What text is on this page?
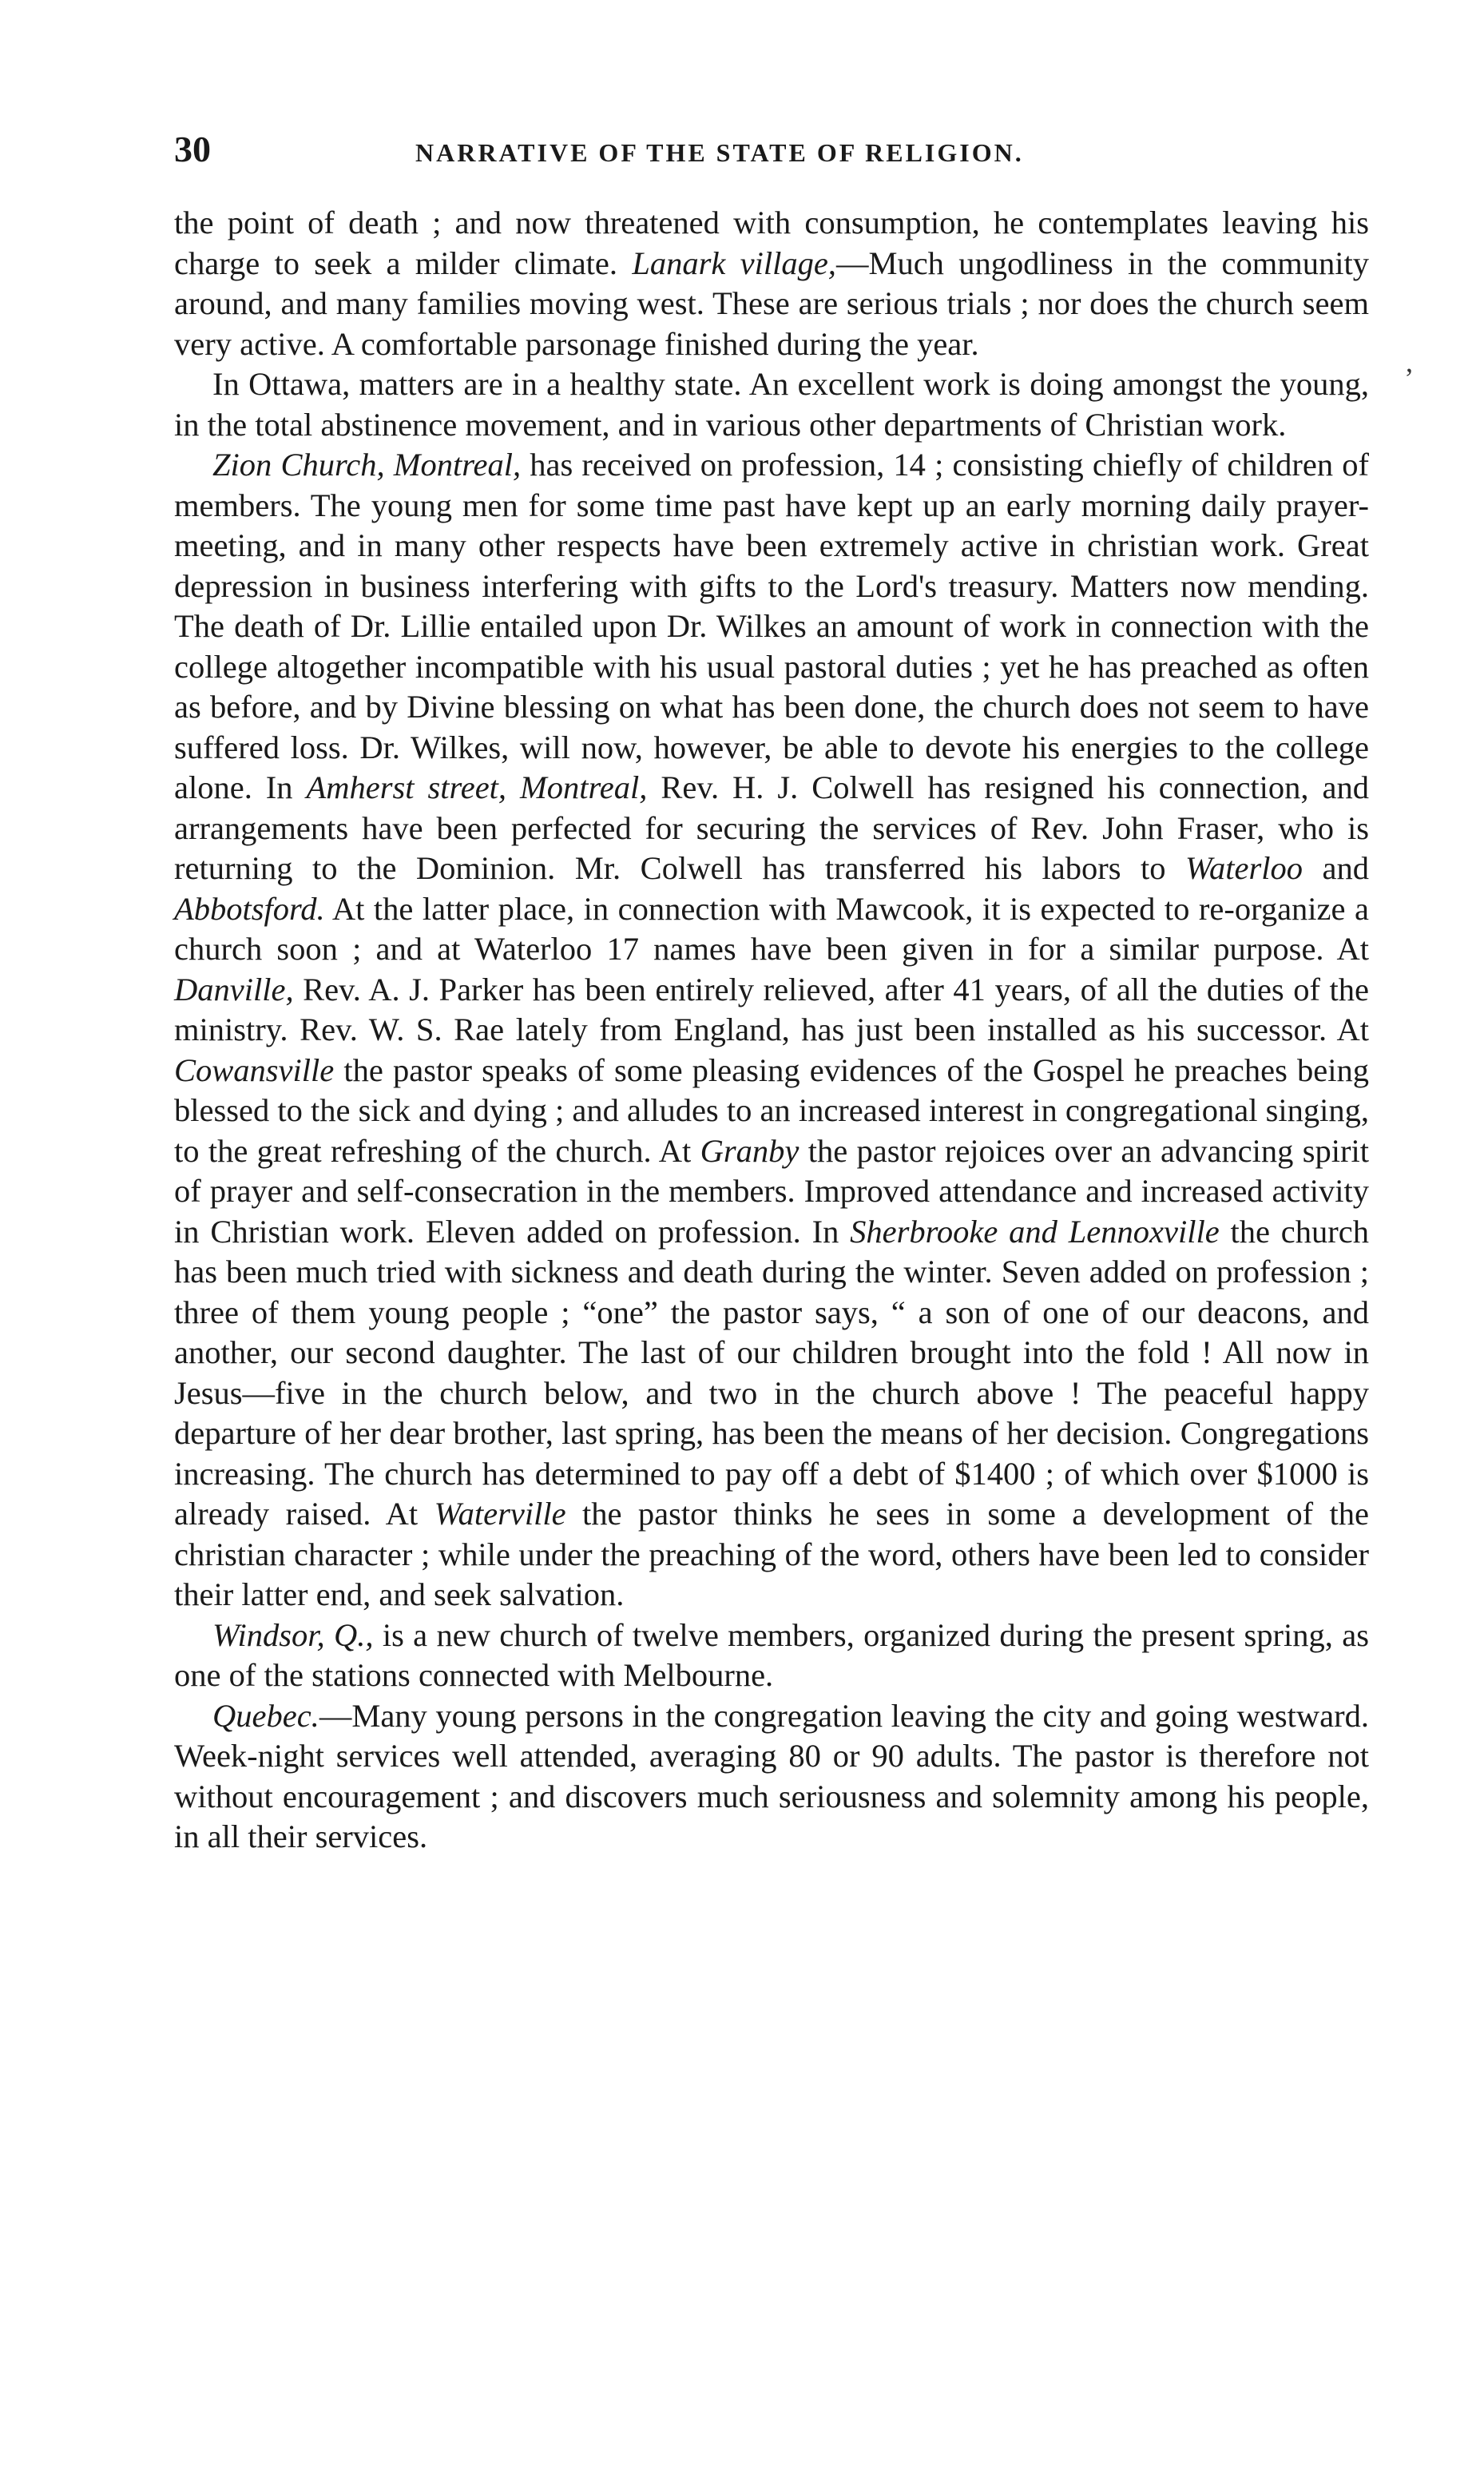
,
30	NARRATIVE OF THE STATE OF RELIGION.

the point of death ; and now threatened with consumption, he contemplates leaving his charge to seek a milder climate. Lanark village,—Much ungodliness in the community around, and many families moving west. These are serious trials ; nor does the church seem very active. A comfortable parsonage finished during the year.

In Ottawa, matters are in a healthy state. An excellent work is doing amongst the young, in the total abstinence movement, and in various other departments of Christian work.

Zion Church, Montreal, has received on profession, 14 ; consisting chiefly of children of members. The young men for some time past have kept up an early morning daily prayer-meeting, and in many other respects have been extremely active in christian work. Great depression in business interfering with gifts to the Lord's treasury. Matters now mending. The death of Dr. Lillie entailed upon Dr. Wilkes an amount of work in connection with the college altogether incompatible with his usual pastoral duties ; yet he has preached as often as before, and by Divine blessing on what has been done, the church does not seem to have suffered loss. Dr. Wilkes, will now, however, be able to devote his energies to the college alone. In Amherst street, Montreal, Rev. H. J. Colwell has resigned his connection, and arrangements have been perfected for securing the services of Rev. John Fraser, who is returning to the Dominion. Mr. Colwell has transferred his labors to Waterloo and Abbotsford. At the latter place, in connection with Mawcook, it is expected to re-organize a church soon ; and at Waterloo 17 names have been given in for a similar purpose. At Danville, Rev. A. J. Parker has been entirely relieved, after 41 years, of all the duties of the ministry. Rev. W. S. Rae lately from England, has just been installed as his successor. At Cowansville the pastor speaks of some pleasing evidences of the Gospel he preaches being blessed to the sick and dying ; and alludes to an increased interest in congregational singing, to the great refreshing of the church. At Granby the pastor rejoices over an advancing spirit of prayer and self-consecration in the members. Improved attendance and increased activity in Christian work. Eleven added on profession. In Sherbrooke and Lennoxville the church has been much tried with sickness and death during the winter. Seven added on profession ; three of them young people ; “one” the pastor says, “ a son of one of our deacons, and another, our second daughter. The last of our children brought into the fold ! All now in Jesus—five in the church below, and two in the church above ! The peaceful happy departure of her dear brother, last spring, has been the means of her decision. Congregations increasing. The church has determined to pay off a debt of $1400 ; of which over $1000 is already raised. At Waterville the pastor thinks he sees in some a development of the christian character ; while under the preaching of the word, others have been led to consider their latter end, and seek salvation.

Windsor, Q., is a new church of twelve members, organized during the present spring, as one of the stations connected with Melbourne.

Quebec.—Many young persons in the congregation leaving the city and going westward. Week-night services well attended, averaging 80 or 90 adults. The pastor is therefore not without encouragement ; and discovers much seriousness and solemnity among his people, in all their services.
